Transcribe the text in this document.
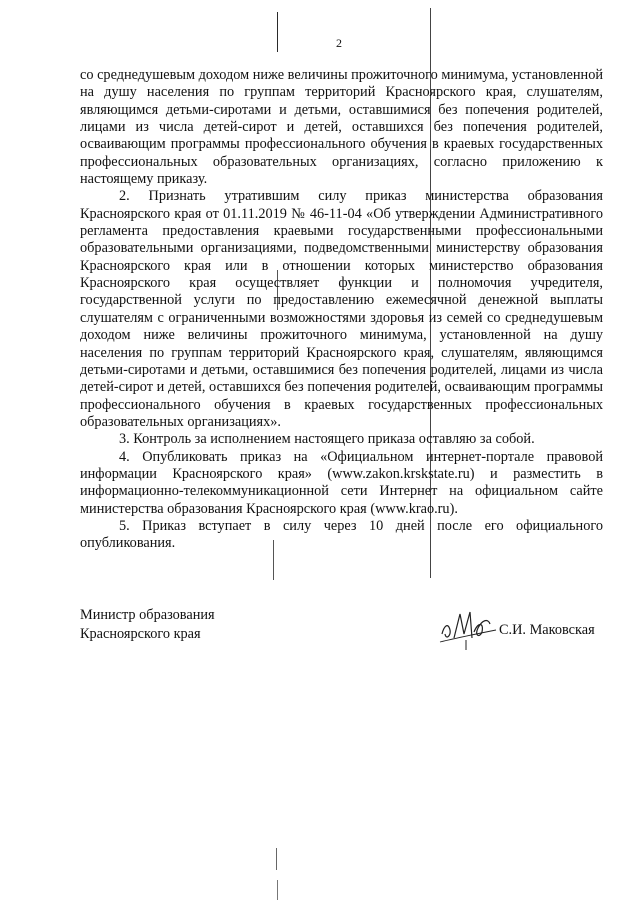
2

со среднедушевым доходом ниже величины прожиточного минимума, установленной на душу населения по группам территорий Красноярского края, слушателям, являющимся детьми-сиротами и детьми, оставшимися без попечения родителей, лицами из числа детей-сирот и детей, оставшихся без попечения родителей, осваивающим программы профессионального обучения в краевых государственных профессиональных образовательных организациях, согласно приложению к настоящему приказу.

2. Признать утратившим силу приказ министерства образования Красноярского края от 01.11.2019 № 46-11-04 «Об утверждении Административного регламента предоставления краевыми государственными профессиональными образовательными организациями, подведомственными министерству образования Красноярского края или в отношении которых министерство образования Красноярского края осуществляет функции и полномочия учредителя, государственной услуги по предоставлению ежемесячной денежной выплаты слушателям с ограниченными возможностями здоровья из семей со среднедушевым доходом ниже величины прожиточного минимума, установленной на душу населения по группам территорий Красноярского края, слушателям, являющимся детьми-сиротами и детьми, оставшимися без попечения родителей, лицами из числа детей-сирот и детей, оставшихся без попечения родителей, осваивающим программы профессионального обучения в краевых государственных профессиональных образовательных организациях».

3. Контроль за исполнением настоящего приказа оставляю за собой.

4. Опубликовать приказ на «Официальном интернет-портале правовой информации Красноярского края» (www.zakon.krskstate.ru) и разместить в информационно-телекоммуникационной сети Интернет на официальном сайте министерства образования Красноярского края (www.krao.ru).

5. Приказ вступает в силу через 10 дней после его официального опубликования.

Министр образования
Красноярского края	С.И. Маковская
